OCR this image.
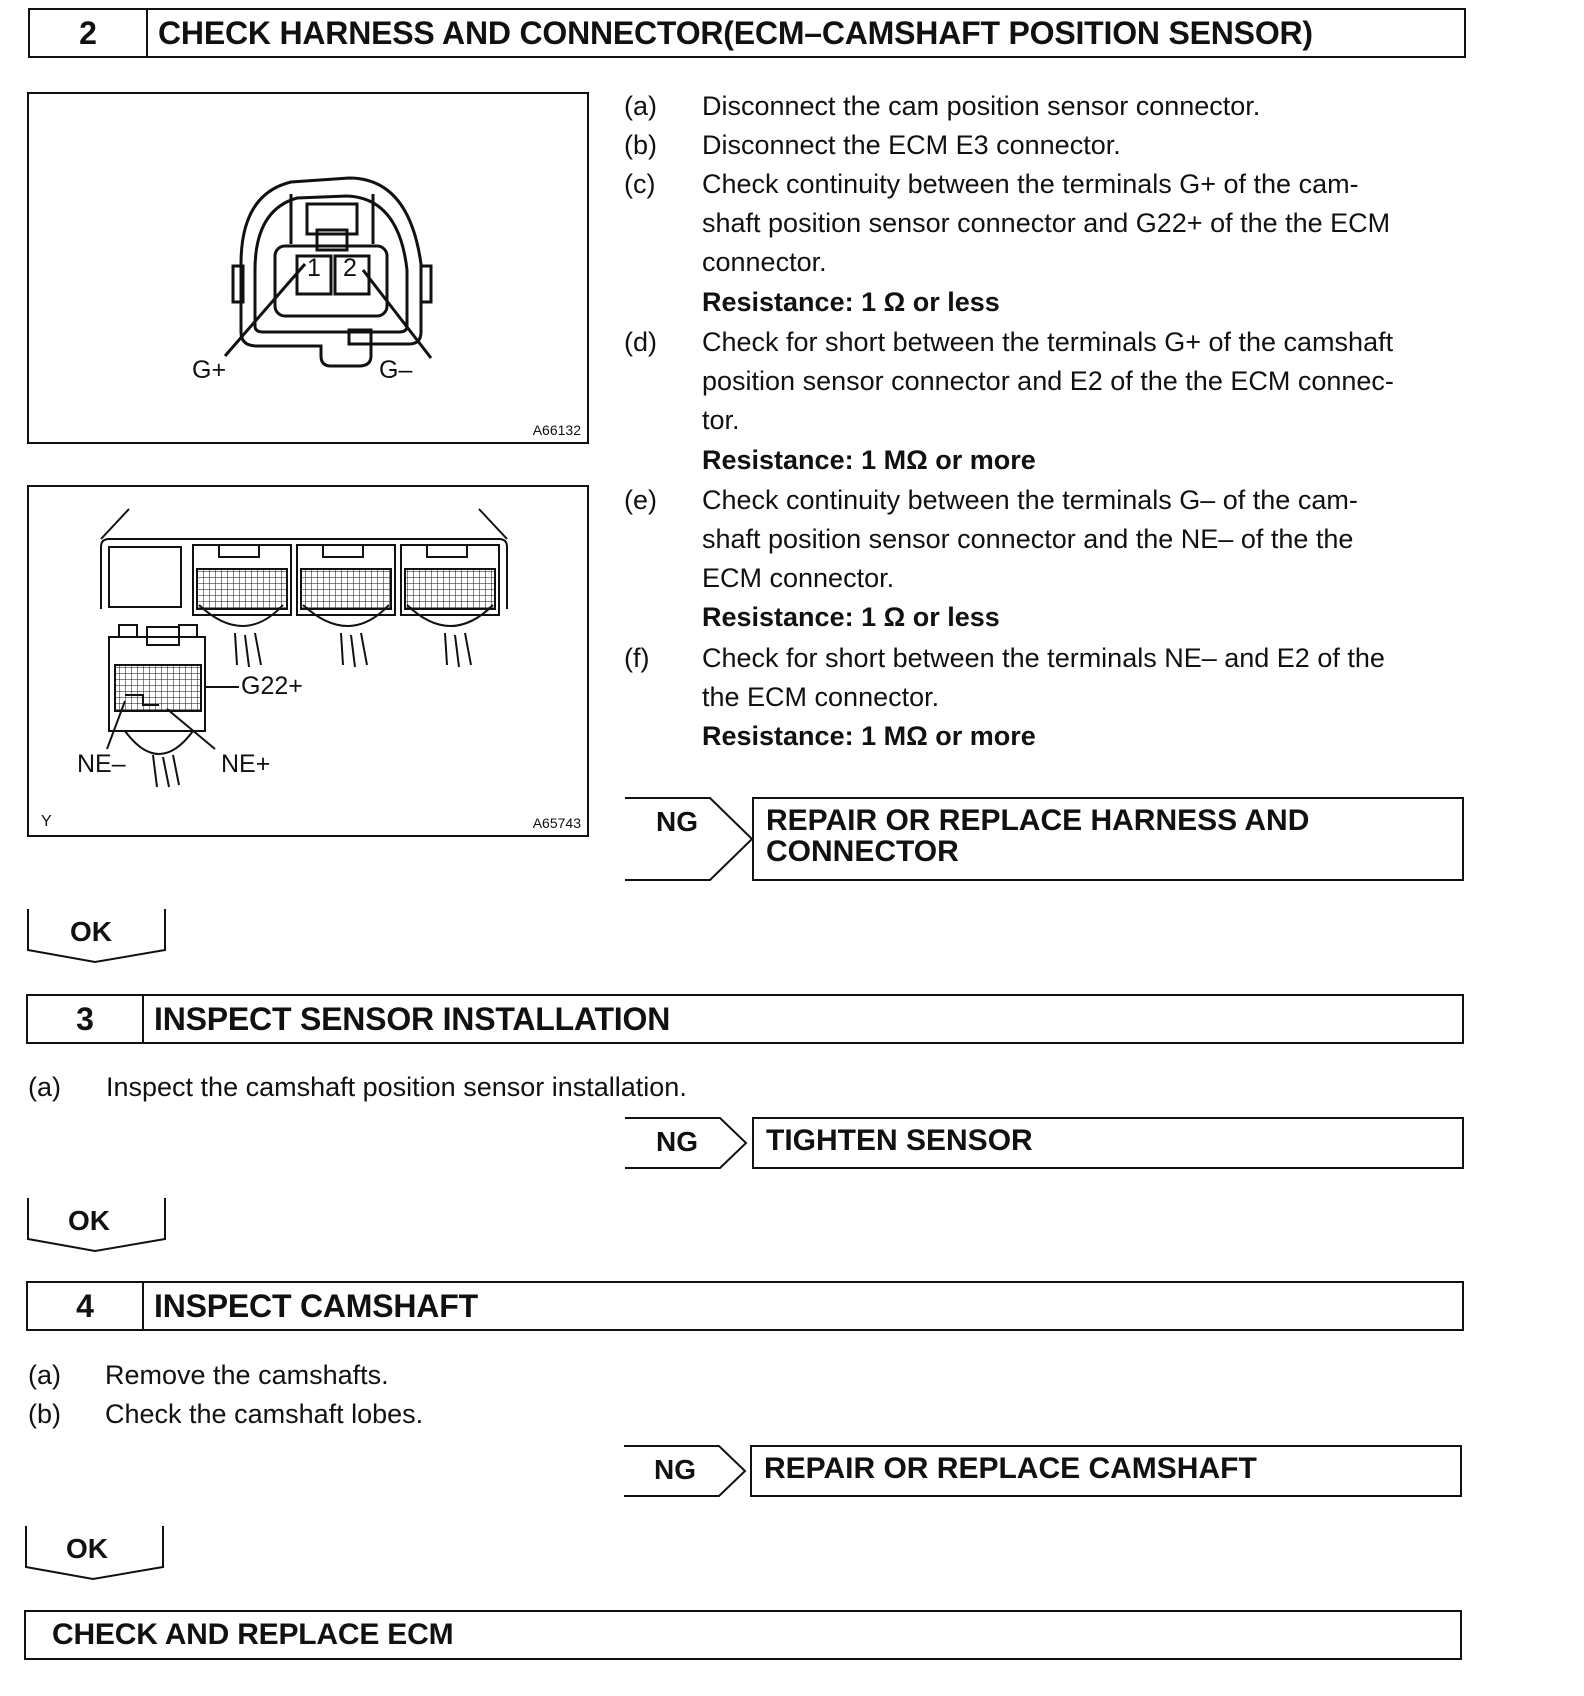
2	CHECK HARNESS AND CONNECTOR(ECM–CAMSHAFT POSITION SENSOR)
1 2
G+	G–
A66132
G22+
NE–	NE+
Y	A65743
(a) Disconnect the cam position sensor connector.
(b) Disconnect the ECM E3 connector.
(c) Check continuity between the terminals G+ of the cam-
shaft position sensor connector and G22+ of the the ECM
connector.
Resistance: 1 Ω or less
(d) Check for short between the terminals G+ of the camshaft
position sensor connector and E2 of the the ECM connec-
tor.
Resistance: 1 MΩ or more
(e) Check continuity between the terminals G– of the cam-
shaft position sensor connector and the NE– of the the
ECM connector.
Resistance: 1 Ω or less
(f) Check for short between the terminals NE– and E2 of the
the ECM connector.
Resistance: 1 MΩ or more
NG REPAIR OR REPLACE HARNESS AND
CONNECTOR
OK
3	INSPECT SENSOR INSTALLATION
(a) Inspect the camshaft position sensor installation.
NG	TIGHTEN SENSOR
OK
4	INSPECT CAMSHAFT
(a) Remove the camshafts.
(b) Check the camshaft lobes.
NG	REPAIR OR REPLACE CAMSHAFT
OK
CHECK AND REPLACE ECM
